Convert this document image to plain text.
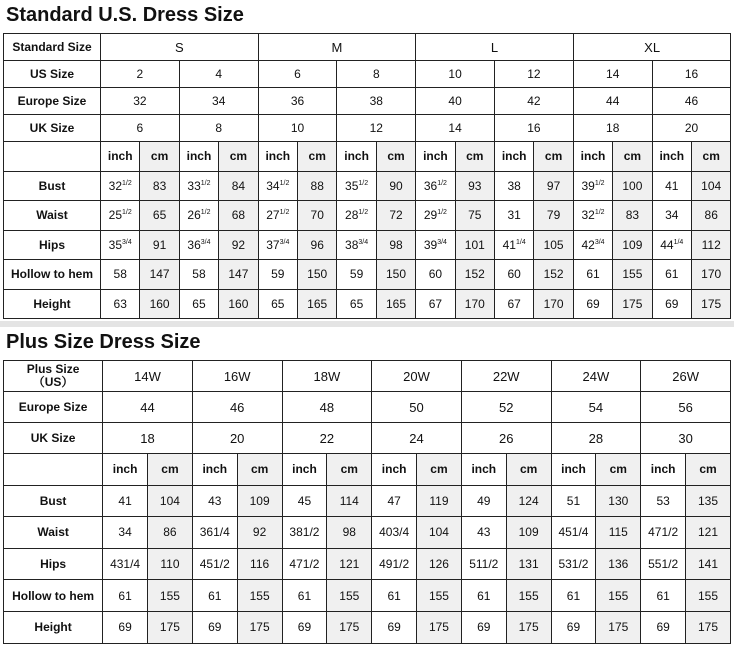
Standard U.S. Dress Size
Standard Size	S				M				L				XL			
US Size	2		4		6		8		10		12		14		16	
Europe Size	32		34		36		38		40		42		44		46	
UK Size	6		8		10		12		14		16		18		20	
	inch	cm	inch	cm	inch	cm	inch	cm	inch	cm	inch	cm	inch	cm	inch	cm
Bust	$32^{1/2}$	83	$33^{1/2}$	84	$34^{1/2}$	88	$35^{1/2}$	90	$36^{1/2}$	93	38	97	$39^{1/2}$	100	41	104
Waist	$25^{1/2}$	65	$26^{1/2}$	68	$27^{1/2}$	70	$28^{1/2}$	72	$29^{1/2}$	75	31	79	$32^{1/2}$	83	34	86
Hips	$35^{3/4}$	91	$36^{3/4}$	92	$37^{3/4}$	96	$38^{3/4}$	98	$39^{3/4}$	101	$41^{1/4}$	105	$42^{3/4}$	109	$44^{1/4}$	112
Hollow to hem	58	147	58	147	59	150	59	150	60	152	60	152	61	155	61	170
Height	63	160	65	160	65	165	65	165	67	170	67	170	69	175	69	175
Plus Size Dress Size
Plus Size
（US）	14W		16W		18W		20W		22W		24W		26W	
Europe Size	44		46		48		50		52		54		56	
UK Size	18		20		22		24		26		28		30	
	inch	cm	inch	cm	inch	cm	inch	cm	inch	cm	inch	cm	inch	cm
Bust	41	104	43	109	45	114	47	119	49	124	51	130	53	135
Waist	34	86	361/4	92	381/2	98	403/4	104	43	109	451/4	115	471/2	121
Hips	431/4	110	451/2	116	471/2	121	491/2	126	511/2	131	531/2	136	551/2	141
Hollow to hem	61	155	61	155	61	155	61	155	61	155	61	155	61	155
Height	69	175	69	175	69	175	69	175	69	175	69	175	69	175
